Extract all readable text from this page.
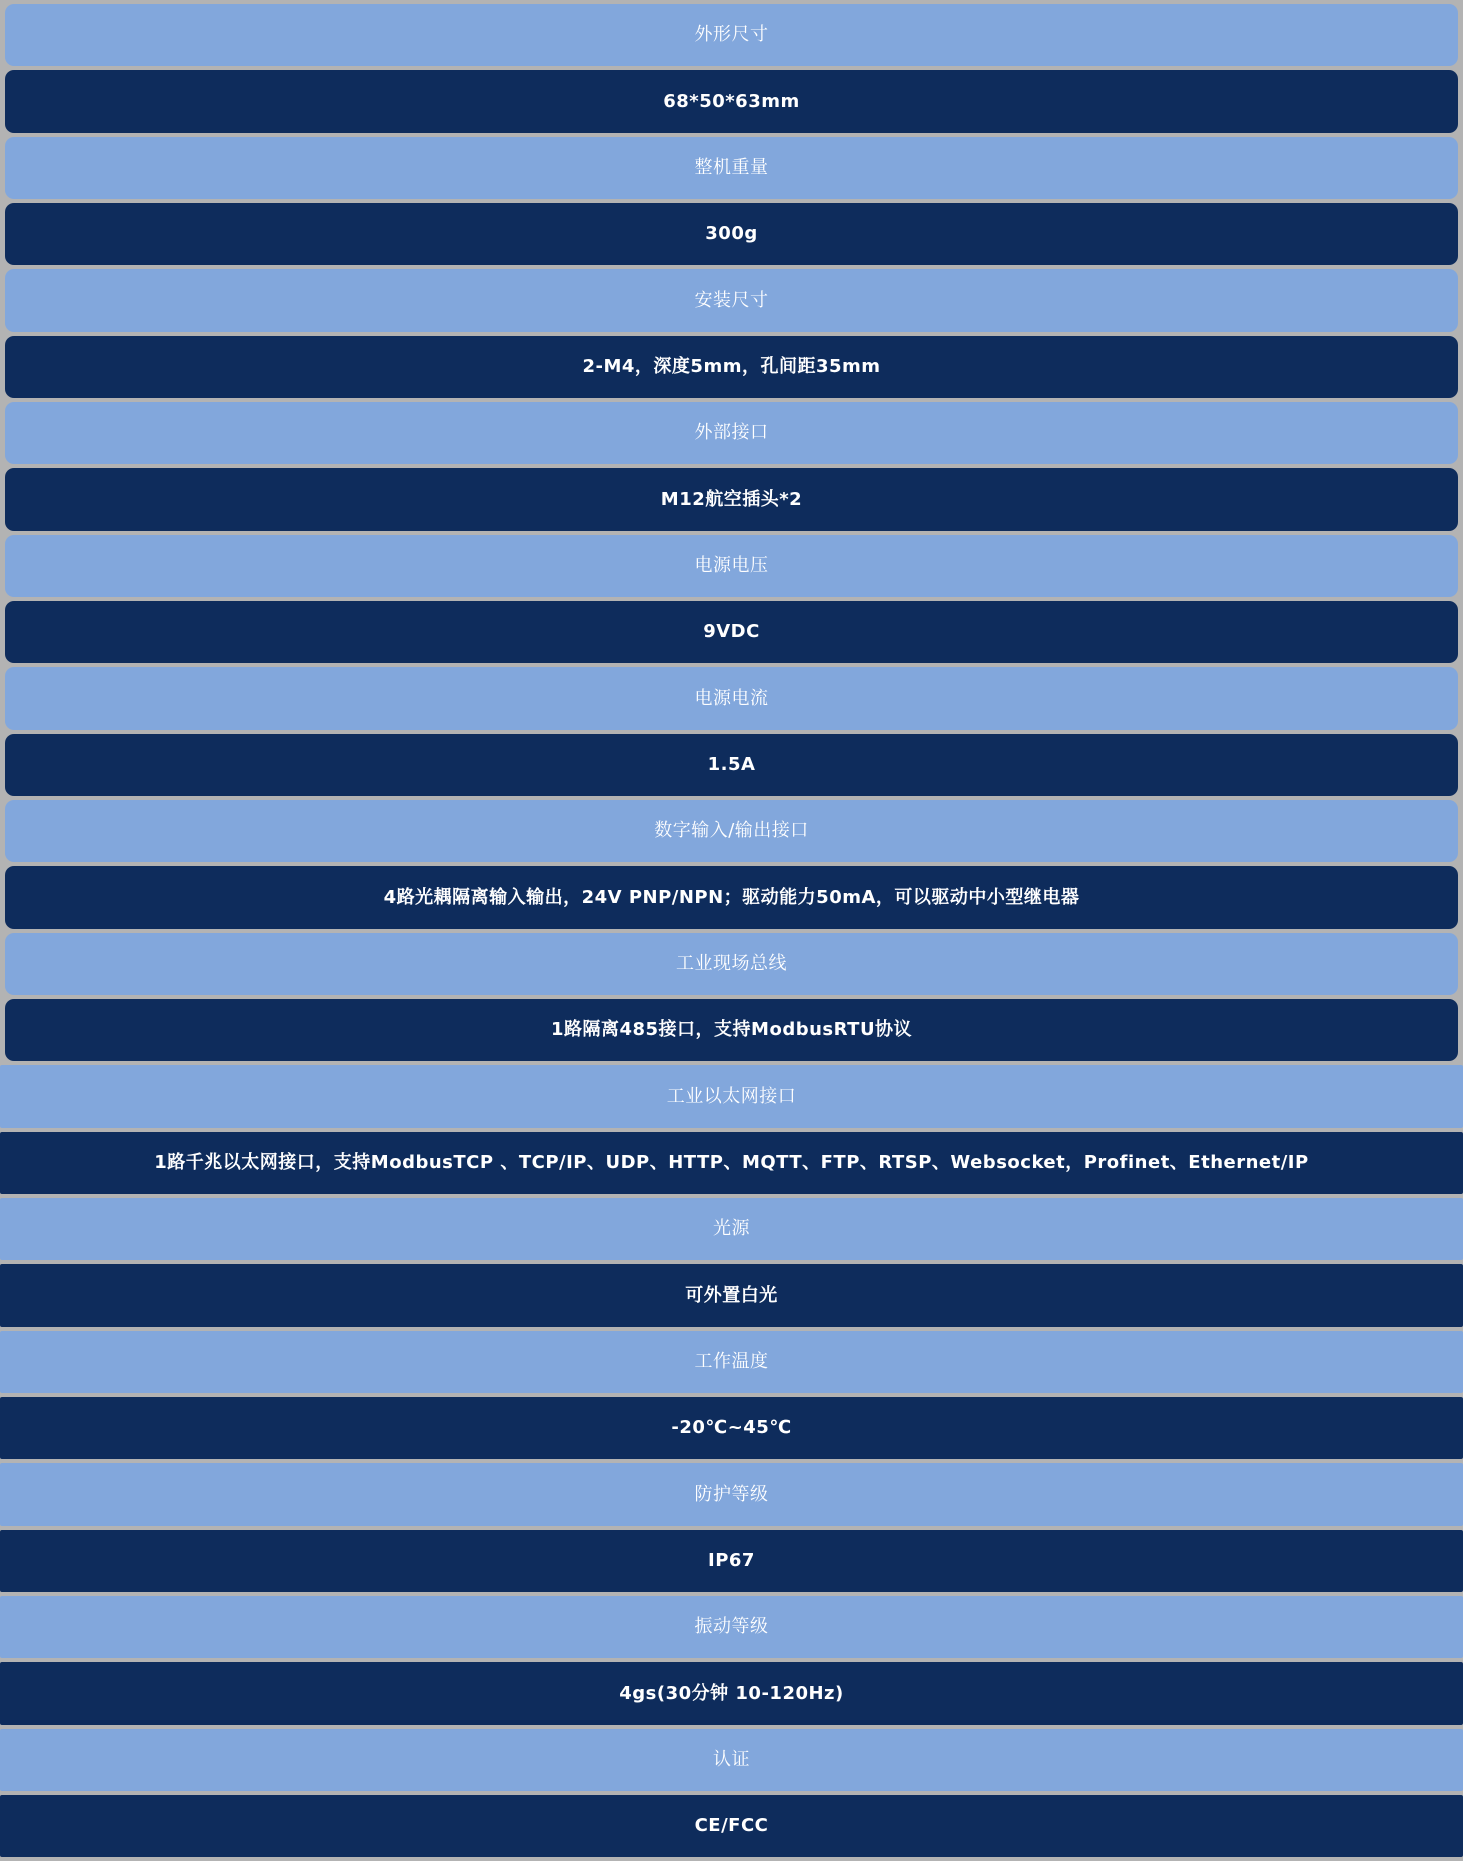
外形尺寸
68*50*63mm
整机重量
300g
安装尺寸
2-M4，深度5mm，孔间距35mm
外部接口
M12航空插头*2
电源电压
9VDC
电源电流
1.5A
数字输入/输出接口
4路光耦隔离输入输出，24V PNP/NPN；驱动能力50mA，可以驱动中小型继电器
工业现场总线
1路隔离485接口，支持ModbusRTU协议
工业以太网接口
1路千兆以太网接口，支持ModbusTCP 、TCP/IP、UDP、HTTP、MQTT、FTP、RTSP、Websocket，Profinet、Ethernet/IP
光源
可外置白光
工作温度
-20℃~45℃
防护等级
IP67
振动等级
4gs(30分钟 10-120Hz)
认证
CE/FCC
